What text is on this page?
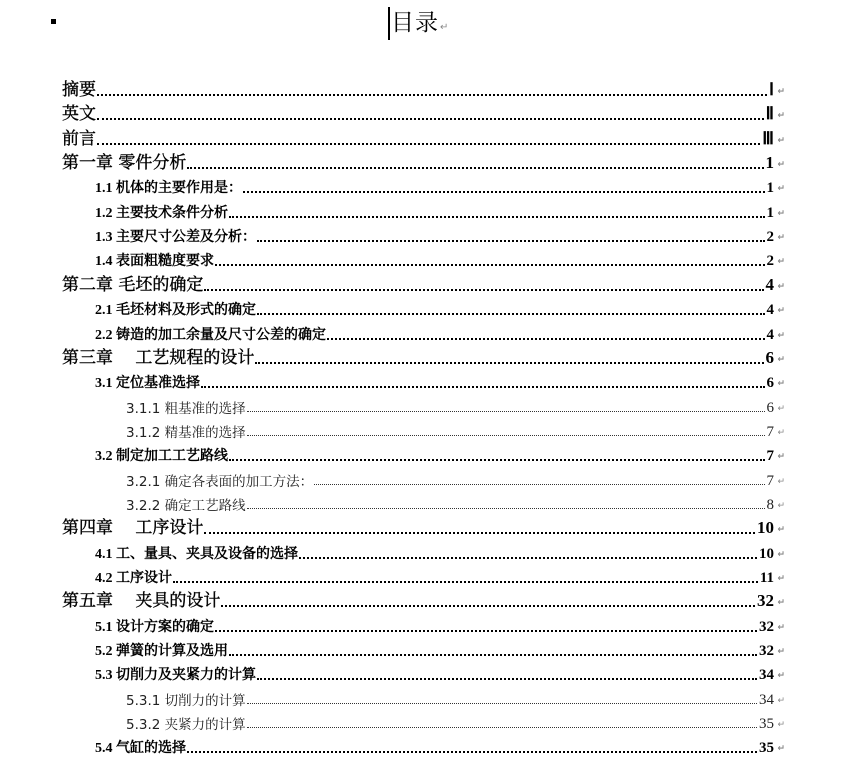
目录 ↵
摘要	Ⅰ ↵
英文	Ⅱ ↵
前言	Ⅲ ↵
第一章 零件分析	1 ↵
1.1 机体的主要作用是：	1 ↵
1.2 主要技术条件分析	1 ↵
1.3 主要尺寸公差及分析：	2 ↵
1.4 表面粗糙度要求	2 ↵
第二章 毛坯的确定	4 ↵
2.1 毛坯材料及形式的确定	4 ↵
2.2 铸造的加工余量及尺寸公差的确定	4 ↵
第三章　 工艺规程的设计	6 ↵
3.1 定位基准选择	6 ↵
3.1.1 粗基准的选择	6 ↵
3.1.2 精基准的选择	7 ↵
3.2 制定加工工艺路线	7 ↵
3.2.1 确定各表面的加工方法：	7 ↵
3.2.2 确定工艺路线	8 ↵
第四章　 工序设计	10 ↵
4.1 工、量具、夹具及设备的选择	10 ↵
4.2 工序设计	11 ↵
第五章　 夹具的设计	32 ↵
5.1 设计方案的确定	32 ↵
5.2 弹簧的计算及选用	32 ↵
5.3 切削力及夹紧力的计算	34 ↵
5.3.1 切削力的计算	34 ↵
5.3.2 夹紧力的计算	35 ↵
5.4 气缸的选择	35 ↵
